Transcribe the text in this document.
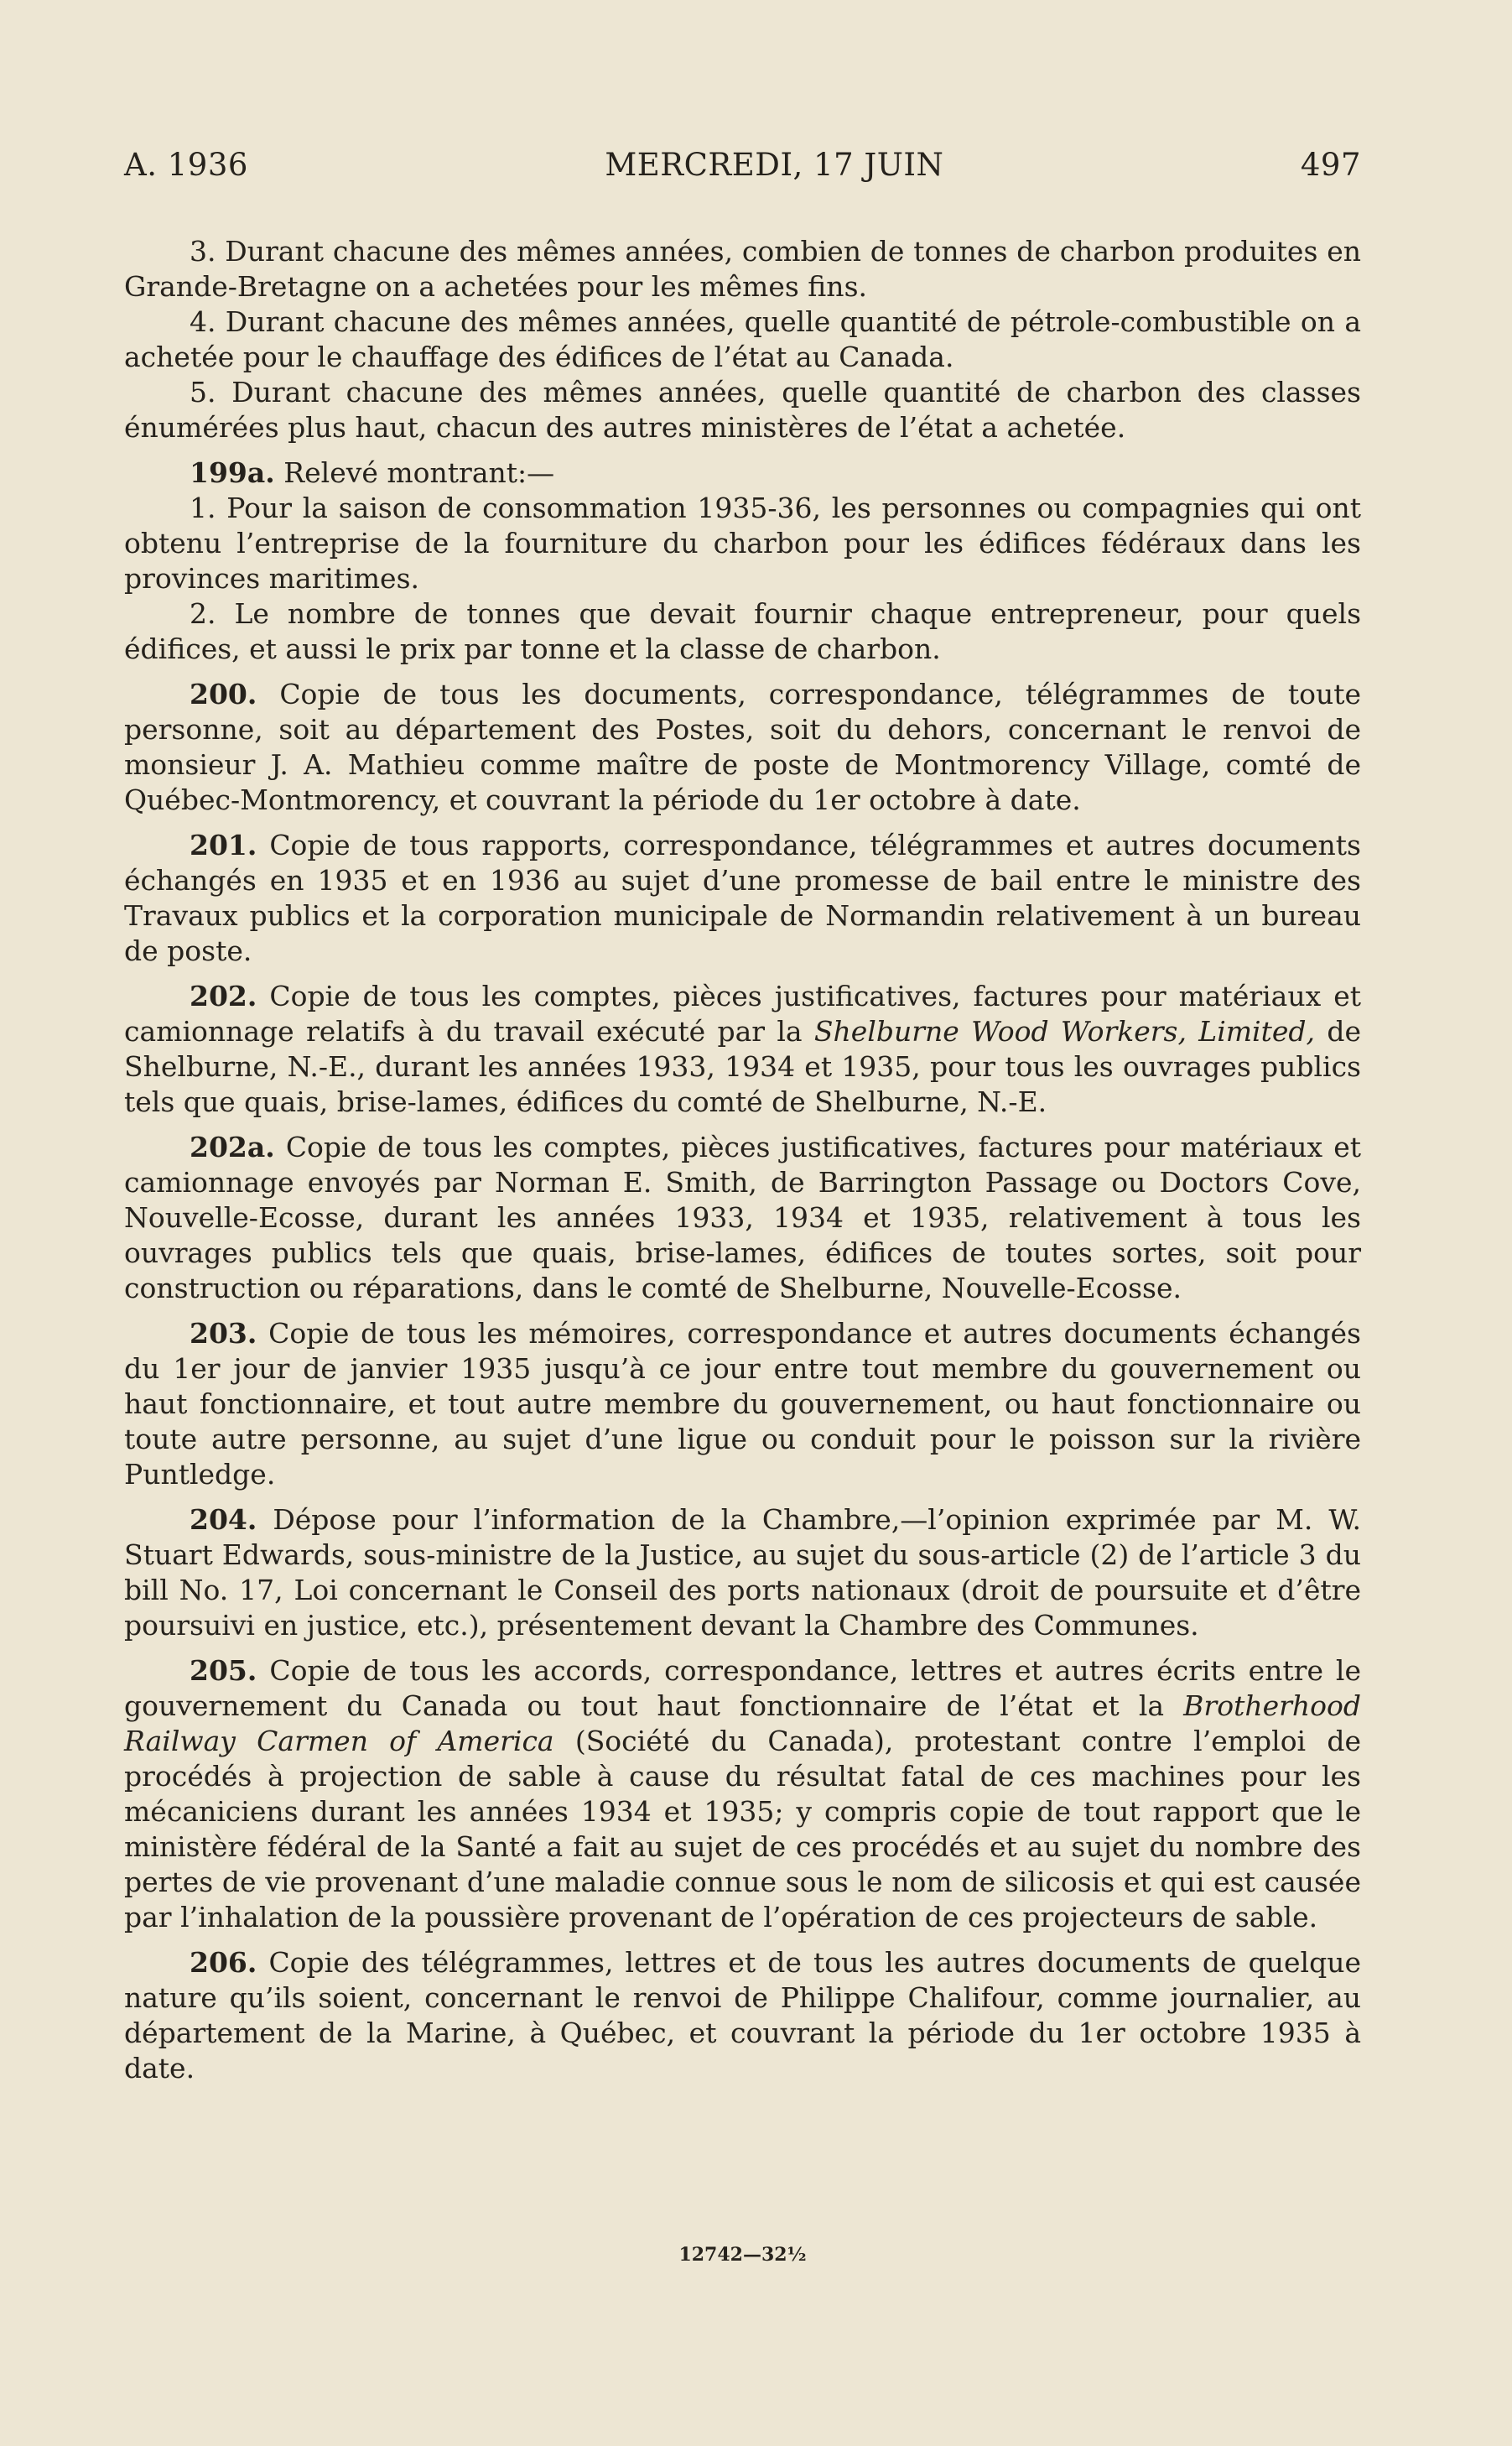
A. 1936	MERCREDI, 17 JUIN	497

3. Durant chacune des mêmes années, combien de tonnes de charbon produites en Grande-Bretagne on a achetées pour les mêmes fins.

4. Durant chacune des mêmes années, quelle quantité de pétrole-combustible on a achetée pour le chauffage des édifices de l’état au Canada.

5. Durant chacune des mêmes années, quelle quantité de charbon des classes énumérées plus haut, chacun des autres ministères de l’état a achetée.

199a. Relevé montrant:—

1. Pour la saison de consommation 1935-36, les personnes ou compagnies qui ont obtenu l’entreprise de la fourniture du charbon pour les édifices fédéraux dans les provinces maritimes.

2. Le nombre de tonnes que devait fournir chaque entrepreneur, pour quels édifices, et aussi le prix par tonne et la classe de charbon.

200. Copie de tous les documents, correspondance, télégrammes de toute personne, soit au département des Postes, soit du dehors, concernant le renvoi de monsieur J. A. Mathieu comme maître de poste de Montmorency Village, comté de Québec-Montmorency, et couvrant la période du 1er octobre à date.

201. Copie de tous rapports, correspondance, télégrammes et autres documents échangés en 1935 et en 1936 au sujet d’une promesse de bail entre le ministre des Travaux publics et la corporation municipale de Normandin relativement à un bureau de poste.

202. Copie de tous les comptes, pièces justificatives, factures pour matériaux et camionnage relatifs à du travail exécuté par la Shelburne Wood Workers, Limited, de Shelburne, N.-E., durant les années 1933, 1934 et 1935, pour tous les ouvrages publics tels que quais, brise-lames, édifices du comté de Shelburne, N.-E.

202a. Copie de tous les comptes, pièces justificatives, factures pour matériaux et camionnage envoyés par Norman E. Smith, de Barrington Passage ou Doctors Cove, Nouvelle-Ecosse, durant les années 1933, 1934 et 1935, relativement à tous les ouvrages publics tels que quais, brise-lames, édifices de toutes sortes, soit pour construction ou réparations, dans le comté de Shelburne, Nouvelle-Ecosse.

203. Copie de tous les mémoires, correspondance et autres documents échangés du 1er jour de janvier 1935 jusqu’à ce jour entre tout membre du gouvernement ou haut fonctionnaire, et tout autre membre du gouvernement, ou haut fonctionnaire ou toute autre personne, au sujet d’une ligue ou conduit pour le poisson sur la rivière Puntledge.

204. Dépose pour l’information de la Chambre,—l’opinion exprimée par M. W. Stuart Edwards, sous-ministre de la Justice, au sujet du sous-article (2) de l’article 3 du bill No. 17, Loi concernant le Conseil des ports nationaux (droit de poursuite et d’être poursuivi en justice, etc.), présentement devant la Chambre des Communes.

205. Copie de tous les accords, correspondance, lettres et autres écrits entre le gouvernement du Canada ou tout haut fonctionnaire de l’état et la Brotherhood Railway Carmen of America (Société du Canada), protestant contre l’emploi de procédés à projection de sable à cause du résultat fatal de ces machines pour les mécaniciens durant les années 1934 et 1935; y compris copie de tout rapport que le ministère fédéral de la Santé a fait au sujet de ces procédés et au sujet du nombre des pertes de vie provenant d’une maladie connue sous le nom de silicosis et qui est causée par l’inhalation de la poussière provenant de l’opération de ces projecteurs de sable.

206. Copie des télégrammes, lettres et de tous les autres documents de quelque nature qu’ils soient, concernant le renvoi de Philippe Chalifour, comme journalier, au département de la Marine, à Québec, et couvrant la période du 1er octobre 1935 à date.

12742—32½
